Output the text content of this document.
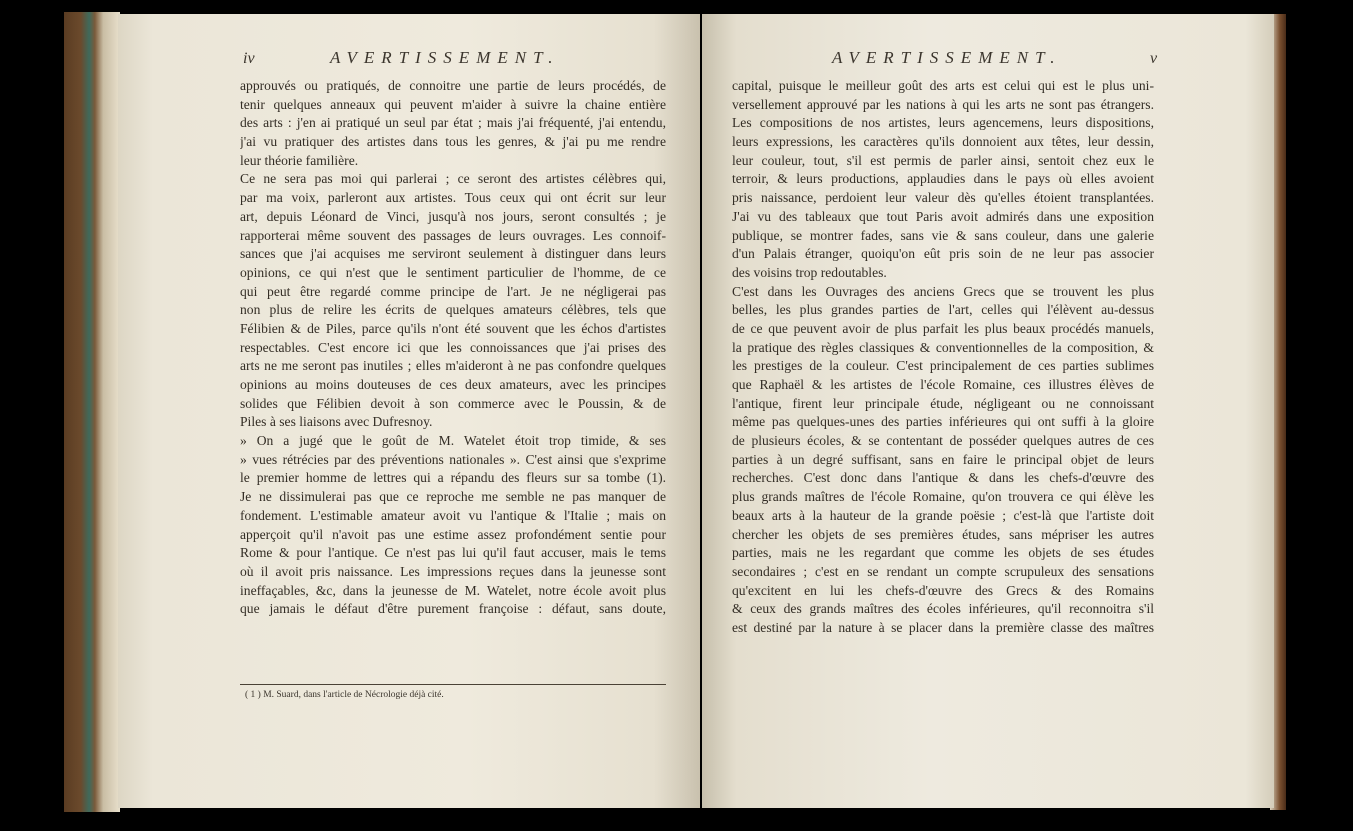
iv	AVERTISSEMENT.	AVERTISSEMENT.	v
approuvés ou pratiqués, de connoitre une partie de leurs procédés, de
tenir quelques anneaux qui peuvent m'aider à suivre la chaine entière
des arts : j'en ai pratiqué un seul par état ; mais j'ai fréquenté, j'ai entendu,
j'ai vu pratiquer des artistes dans tous les genres, & j'ai pu me rendre
leur théorie familière.
Ce ne sera pas moi qui parlerai ; ce seront des artistes célèbres qui,
par ma voix, parleront aux artistes. Tous ceux qui ont écrit sur leur
art, depuis Léonard de Vinci, jusqu'à nos jours, seront consultés ; je
rapporterai même souvent des passages de leurs ouvrages. Les connoif-
sances que j'ai acquises me serviront seulement à distinguer dans leurs
opinions, ce qui n'est que le sentiment particulier de l'homme, de ce
qui peut être regardé comme principe de l'art. Je ne négligerai pas
non plus de relire les écrits de quelques amateurs célèbres, tels que
Félibien & de Piles, parce qu'ils n'ont été souvent que les échos d'artistes
respectables. C'est encore ici que les connoissances que j'ai prises des
arts ne me seront pas inutiles ; elles m'aideront à ne pas confondre quelques
opinions au moins douteuses de ces deux amateurs, avec les principes
solides que Félibien devoit à son commerce avec le Poussin, & de
Piles à ses liaisons avec Dufresnoy.
» On a jugé que le goût de M. Watelet étoit trop timide, & ses
» vues rétrécies par des préventions nationales ». C'est ainsi que s'exprime
le premier homme de lettres qui a répandu des fleurs sur sa tombe (1).
Je ne dissimulerai pas que ce reproche me semble ne pas manquer de
fondement. L'estimable amateur avoit vu l'antique & l'Italie ; mais on
apperçoit qu'il n'avoit pas une estime assez profondément sentie pour
Rome & pour l'antique. Ce n'est pas lui qu'il faut accuser, mais le tems
où il avoit pris naissance. Les impressions reçues dans la jeunesse sont
ineffaçables, &c, dans la jeunesse de M. Watelet, notre école avoit plus
que jamais le défaut d'être purement françoise : défaut, sans doute,
( 1 ) M. Suard, dans l'article de Nécrologie déjà cité.
capital, puisque le meilleur goût des arts est celui qui est le plus uni-
versellement approuvé par les nations à qui les arts ne sont pas étrangers.
Les compositions de nos artistes, leurs agencemens, leurs dispositions,
leurs expressions, les caractères qu'ils donnoient aux têtes, leur dessin,
leur couleur, tout, s'il est permis de parler ainsi, sentoit chez eux le
terroir, & leurs productions, applaudies dans le pays où elles avoient
pris naissance, perdoient leur valeur dès qu'elles étoient transplantées.
J'ai vu des tableaux que tout Paris avoit admirés dans une exposition
publique, se montrer fades, sans vie & sans couleur, dans une galerie
d'un Palais étranger, quoiqu'on eût pris soin de ne leur pas associer
des voisins trop redoutables.
C'est dans les Ouvrages des anciens Grecs que se trouvent les plus
belles, les plus grandes parties de l'art, celles qui l'élèvent au-dessus
de ce que peuvent avoir de plus parfait les plus beaux procédés manuels,
la pratique des règles classiques & conventionnelles de la composition, &
les prestiges de la couleur. C'est principalement de ces parties sublimes
que Raphaël & les artistes de l'école Romaine, ces illustres élèves de
l'antique, firent leur principale étude, négligeant ou ne connoissant
même pas quelques-unes des parties inférieures qui ont suffi à la gloire
de plusieurs écoles, & se contentant de posséder quelques autres de ces
parties à un degré suffisant, sans en faire le principal objet de leurs
recherches. C'est donc dans l'antique & dans les chefs-d'œuvre des
plus grands maîtres de l'école Romaine, qu'on trouvera ce qui élève les
beaux arts à la hauteur de la grande poësie ; c'est-là que l'artiste doit
chercher les objets de ses premières études, sans mépriser les autres
parties, mais ne les regardant que comme les objets de ses études
secondaires ; c'est en se rendant un compte scrupuleux des sensations
qu'excitent en lui les chefs-d'œuvre des Grecs & des Romains
& ceux des grands maîtres des écoles inférieures, qu'il reconnoitra s'il
est destiné par la nature à se placer dans la première classe des maîtres
